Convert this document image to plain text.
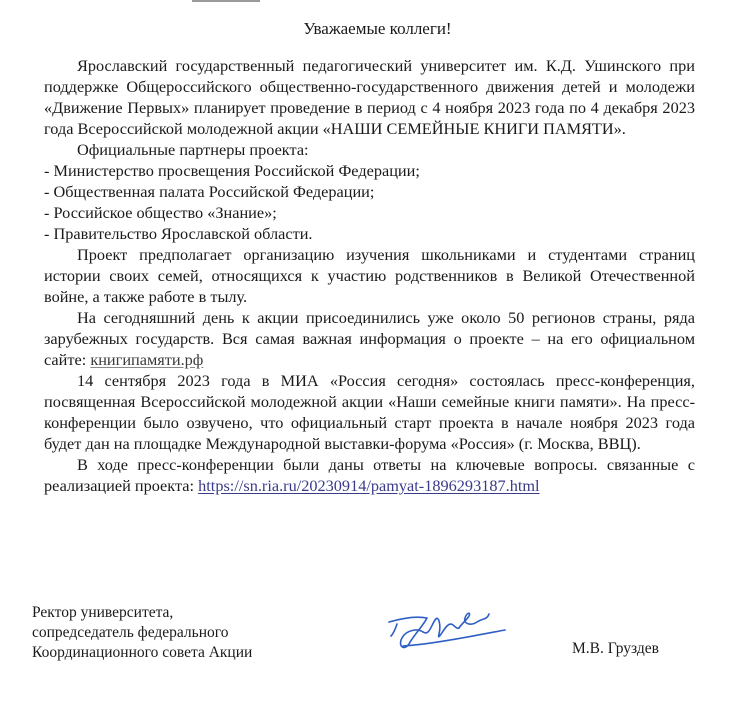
Уважаемые коллеги!

Ярославский государственный педагогический университет им. К.Д. Ушинского при поддержке Общероссийского общественно-государственного движения детей и молодежи «Движение Первых» планирует проведение в период с 4 ноября 2023 года по 4 декабря 2023 года Всероссийской молодежной акции «НАШИ СЕМЕЙНЫЕ КНИГИ ПАМЯТИ».

Официальные партнеры проекта:

- Министерство просвещения Российской Федерации;

- Общественная палата Российской Федерации;

- Российское общество «Знание»;

- Правительство Ярославской области.

Проект предполагает организацию изучения школьниками и студентами страниц истории своих семей, относящихся к участию родственников в Великой Отечественной войне, а также работе в тылу.

На сегодняшний день к акции присоединились уже около 50 регионов страны, ряда зарубежных государств. Вся самая важная информация о проекте – на его официальном сайте: книгипамяти.рф

14 сентября 2023 года в МИА «Россия сегодня» состоялась пресс-конференция, посвященная Всероссийской молодежной акции «Наши семейные книги памяти». На пресс-конференции было озвучено, что официальный старт проекта в начале ноября 2023 года будет дан на площадке Международной выставки-форума «Россия» (г. Москва, ВВЦ).

В ходе пресс-конференции были даны ответы на ключевые вопросы. связанные с реализацией проекта: https://sn.ria.ru/20230914/pamyat-1896293187.html

Ректор университета,
сопредседатель федерального
Координационного совета Акции	М.В. Груздев
